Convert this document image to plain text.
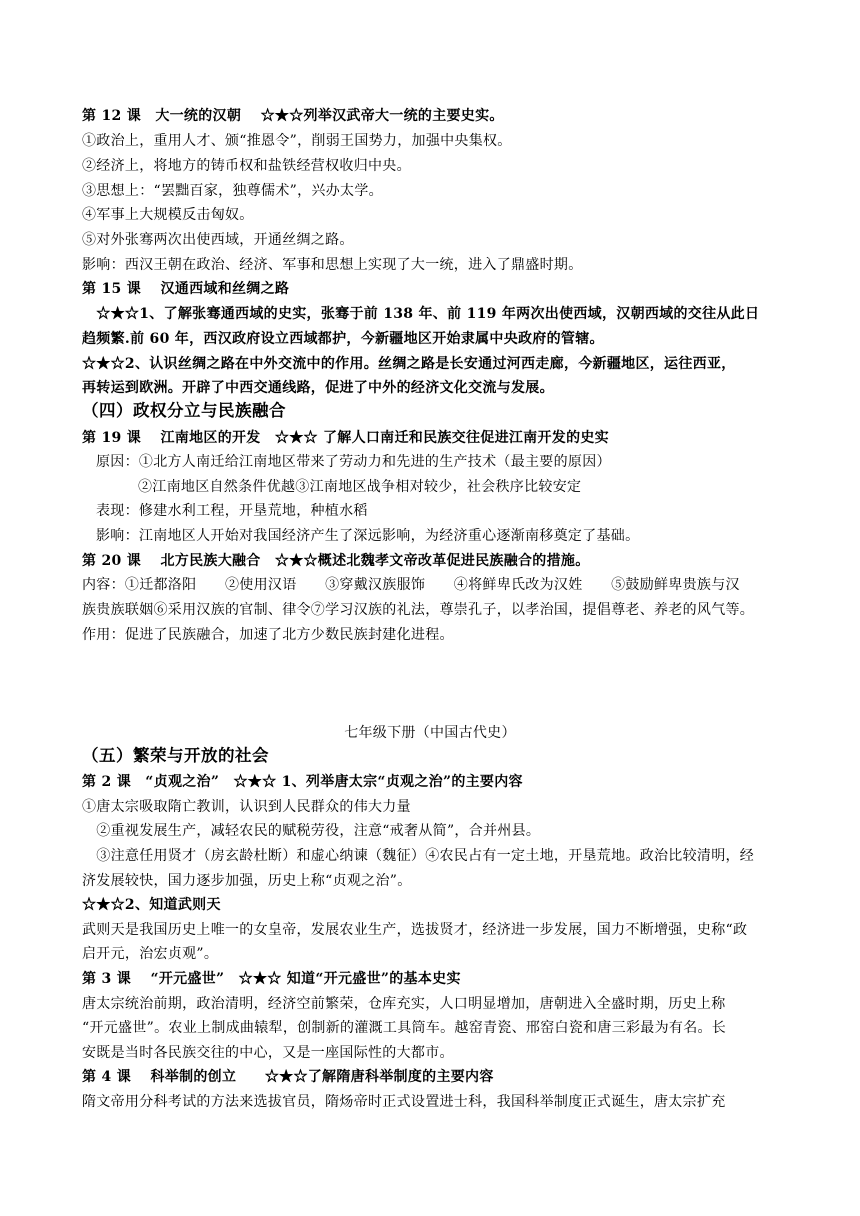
第 12 课　大一统的汉朝　 ☆★☆列举汉武帝大一统的主要史实。
①政治上，重用人才、颁“推恩令”，削弱王国势力，加强中央集权。
②经济上，将地方的铸币权和盐铁经营权收归中央。
③思想上：“罢黜百家，独尊儒术”，兴办太学。
④军事上大规模反击匈奴。
⑤对外张骞两次出使西域，开通丝绸之路。
影响：西汉王朝在政治、经济、军事和思想上实现了大一统，进入了鼎盛时期。
第 15 课　 汉通西域和丝绸之路
　☆★☆1、了解张骞通西域的史实，张骞于前 138 年、前 119 年两次出使西域，汉朝西域的交往从此日
趋频繁.前 60 年，西汉政府设立西域都护，今新疆地区开始隶属中央政府的管辖。
☆★☆2、认识丝绸之路在中外交流中的作用。丝绸之路是长安通过河西走廊，今新疆地区，运往西亚，
再转运到欧洲。开辟了中西交通线路，促进了中外的经济文化交流与发展。
（四）政权分立与民族融合
第 19 课　 江南地区的开发　☆★☆ 了解人口南迁和民族交往促进江南开发的史实
原因：①北方人南迁给江南地区带来了劳动力和先进的生产技术（最主要的原因）
②江南地区自然条件优越③江南地区战争相对较少，社会秩序比较安定
表现：修建水利工程，开垦荒地，种植水稻
影响：江南地区人开始对我国经济产生了深远影响，为经济重心逐渐南移奠定了基础。
第 20 课　 北方民族大融合　☆★☆概述北魏孝文帝改革促进民族融合的措施。
内容：①迁都洛阳　　②使用汉语　　③穿戴汉族服饰　　④将鲜卑氏改为汉姓　　⑤鼓励鲜卑贵族与汉
族贵族联姻⑥采用汉族的官制、律令⑦学习汉族的礼法，尊崇孔子，以孝治国，提倡尊老、养老的风气等。
作用：促进了民族融合，加速了北方少数民族封建化进程。
七年级下册（中国古代史）
（五）繁荣与开放的社会
第 2 课　“贞观之治”　☆★☆ 1、列举唐太宗“贞观之治”的主要内容
①唐太宗吸取隋亡教训，认识到人民群众的伟大力量
　②重视发展生产，减轻农民的赋税劳役，注意“戒奢从简”，合并州县。
　③注意任用贤才（房玄龄杜断）和虚心纳谏（魏征）④农民占有一定土地，开垦荒地。政治比较清明，经
济发展较快，国力逐步加强，历史上称“贞观之治”。
☆★☆2、知道武则天
武则天是我国历史上唯一的女皇帝，发展农业生产，选拔贤才，经济进一步发展，国力不断增强，史称“政
启开元，治宏贞观”。
第 3 课　 “开元盛世”　☆★☆ 知道“开元盛世”的基本史实
唐太宗统治前期，政治清明，经济空前繁荣，仓库充实，人口明显增加，唐朝进入全盛时期，历史上称
“开元盛世”。农业上制成曲辕犁，创制新的灌溉工具筒车。越窑青瓷、邢窑白瓷和唐三彩最为有名。长
安既是当时各民族交往的中心，又是一座国际性的大都市。
第 4 课　 科举制的创立　　☆★☆了解隋唐科举制度的主要内容
隋文帝用分科考试的方法来选拔官员，隋炀帝时正式设置进士科，我国科举制度正式诞生，唐太宗扩充
